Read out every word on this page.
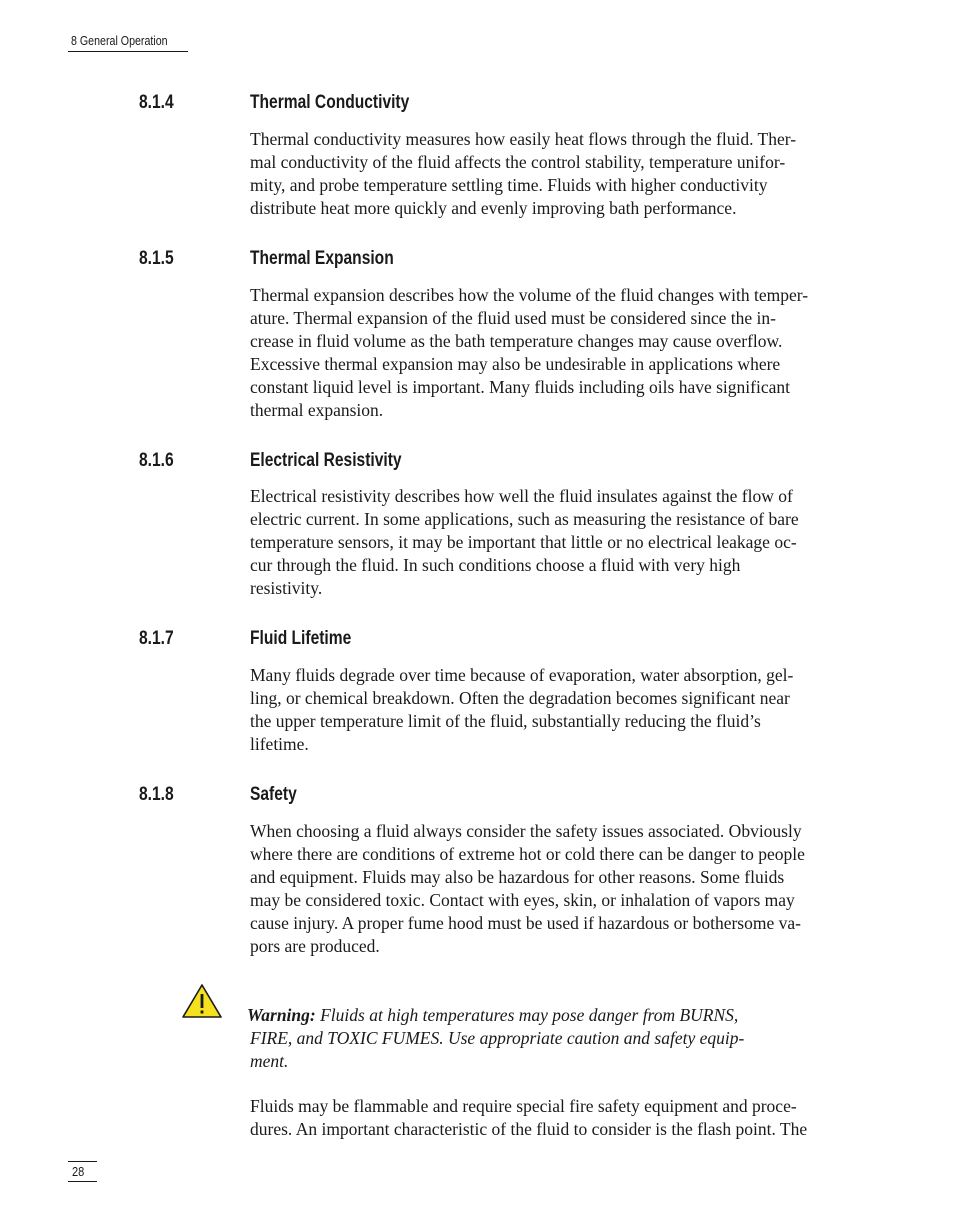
8 General Operation
8.1.4	Thermal Conductivity
Thermal conductivity measures how easily heat flows through the fluid. Ther-
mal conductivity of the fluid affects the control stability, temperature unifor-
mity, and probe temperature settling time. Fluids with higher conductivity
distribute heat more quickly and evenly improving bath performance.
8.1.5	Thermal Expansion
Thermal expansion describes how the volume of the fluid changes with temper-
ature. Thermal expansion of the fluid used must be considered since the in-
crease in fluid volume as the bath temperature changes may cause overflow.
Excessive thermal expansion may also be undesirable in applications where
constant liquid level is important. Many fluids including oils have significant
thermal expansion.
8.1.6	Electrical Resistivity
Electrical resistivity describes how well the fluid insulates against the flow of
electric current. In some applications, such as measuring the resistance of bare
temperature sensors, it may be important that little or no electrical leakage oc-
cur through the fluid. In such conditions choose a fluid with very high
resistivity.
8.1.7	Fluid Lifetime
Many fluids degrade over time because of evaporation, water absorption, gel-
ling, or chemical breakdown. Often the degradation becomes significant near
the upper temperature limit of the fluid, substantially reducing the fluid’s
lifetime.
8.1.8	Safety
When choosing a fluid always consider the safety issues associated. Obviously
where there are conditions of extreme hot or cold there can be danger to people
and equipment. Fluids may also be hazardous for other reasons. Some fluids
may be considered toxic. Contact with eyes, skin, or inhalation of vapors may
cause injury. A proper fume hood must be used if hazardous or bothersome va-
pors are produced.
Warning: Fluids at high temperatures may pose danger from BURNS,
FIRE, and TOXIC FUMES. Use appropriate caution and safety equip-
ment.
Fluids may be flammable and require special fire safety equipment and proce-
dures. An important characteristic of the fluid to consider is the flash point. The
28
